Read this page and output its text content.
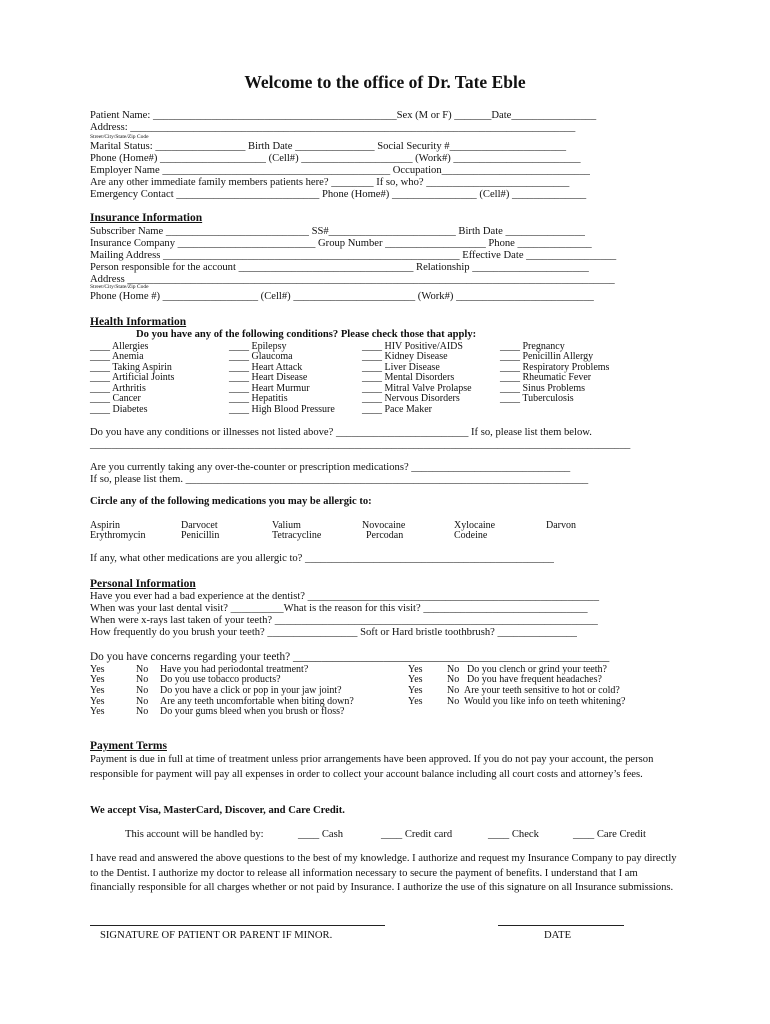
Welcome to the office of Dr. Tate Eble
Patient Name: ______________________________________________Sex (M or F) _______Date________________
Address: ____________________________________________________________________________________
Street/City/State/Zip Code
Marital Status: _________________ Birth Date _______________ Social Security #______________________
Phone (Home#) ____________________ (Cell#) _____________________ (Work#) ________________________
Employer Name ___________________________________________ Occupation____________________________
Are any other immediate family members patients here? ________ If so, who? ___________________________
Emergency Contact ___________________________ Phone (Home#) ________________ (Cell#) ______________
Insurance Information
Subscriber Name ___________________________ SS#________________________ Birth Date _______________
Insurance Company __________________________ Group Number ___________________ Phone ______________
Mailing Address ________________________________________________________ Effective Date _________________
Person responsible for the account _________________________________ Relationship ______________________
Address ____________________________________________________________________________________________
Street/City/State/Zip Code
Phone (Home #) __________________ (Cell#) _______________________ (Work#) __________________________
Health Information
Do you have any of the following conditions? Please check those that apply:
____ Allergies
____ Anemia
____ Taking Aspirin
____ Artificial Joints
____ Arthritis
____ Cancer
____ Diabetes
____ Epilepsy
____ Glaucoma
____ Heart Attack
____ Heart Disease
____ Heart Murmur
____ Hepatitis
____ High Blood Pressure
____ HIV Positive/AIDS
____ Kidney Disease
____ Liver Disease
____ Mental Disorders
____ Mitral Valve Prolapse
____ Nervous Disorders
____ Pace Maker
____ Pregnancy
____ Penicillin Allergy
____ Respiratory Problems
____ Rheumatic Fever
____ Sinus Problems
____ Tuberculosis
Do you have any conditions or illnesses not listed above? _________________________ If so, please list them below.
______________________________________________________________________________________________________
Are you currently taking any over-the-counter or prescription medications? ______________________________
If so, please list them. ____________________________________________________________________________
Circle any of the following medications you may be allergic to:
Aspirin
Erythromycin
Darvocet
Penicillin
Valium
Tetracycline
Novocaine
Percodan
Xylocaine
Codeine
Darvon
If any, what other medications are you allergic to? _______________________________________________
Personal Information
Have you ever had a bad experience at the dentist? _______________________________________________________
When was your last dental visit? __________What is the reason for this visit? _______________________________
When were x-rays last taken of your teeth? _____________________________________________________________
How frequently do you brush your teeth? _________________ Soft or Hard bristle toothbrush? _______________
Do you have concerns regarding your teeth? ________________________________________________________
Yes	No Have you had periodontal treatment?
Yes	No Do you use tobacco products?
Yes	No Do you have a click or pop in your jaw joint?
Yes	No Are any teeth uncomfortable when biting down?
Yes	No Do your gums bleed when you brush or floss?
Yes No Do you clench or grind your teeth?
Yes No Do you have frequent headaches?
Yes No Are your teeth sensitive to hot or cold?
Yes No Would you like info on teeth whitening?
Payment Terms
Payment is due in full at time of treatment unless prior arrangements have been approved. If you do not pay your account, the person responsible for payment will pay all expenses in order to collect your account balance including all court costs and attorney’s fees.
We accept Visa, MasterCard, Discover, and Care Credit.
This account will be handled by:	____ Cash	____ Credit card	____ Check	____ Care Credit
I have read and answered the above questions to the best of my knowledge. I authorize and request my Insurance Company to pay directly to the Dentist. I authorize my doctor to release all information necessary to secure the payment of benefits. I understand that I am financially responsible for all charges whether or not paid by Insurance. I authorize the use of this signature on all Insurance submissions.
SIGNATURE OF PATIENT OR PARENT IF MINOR.	DATE
